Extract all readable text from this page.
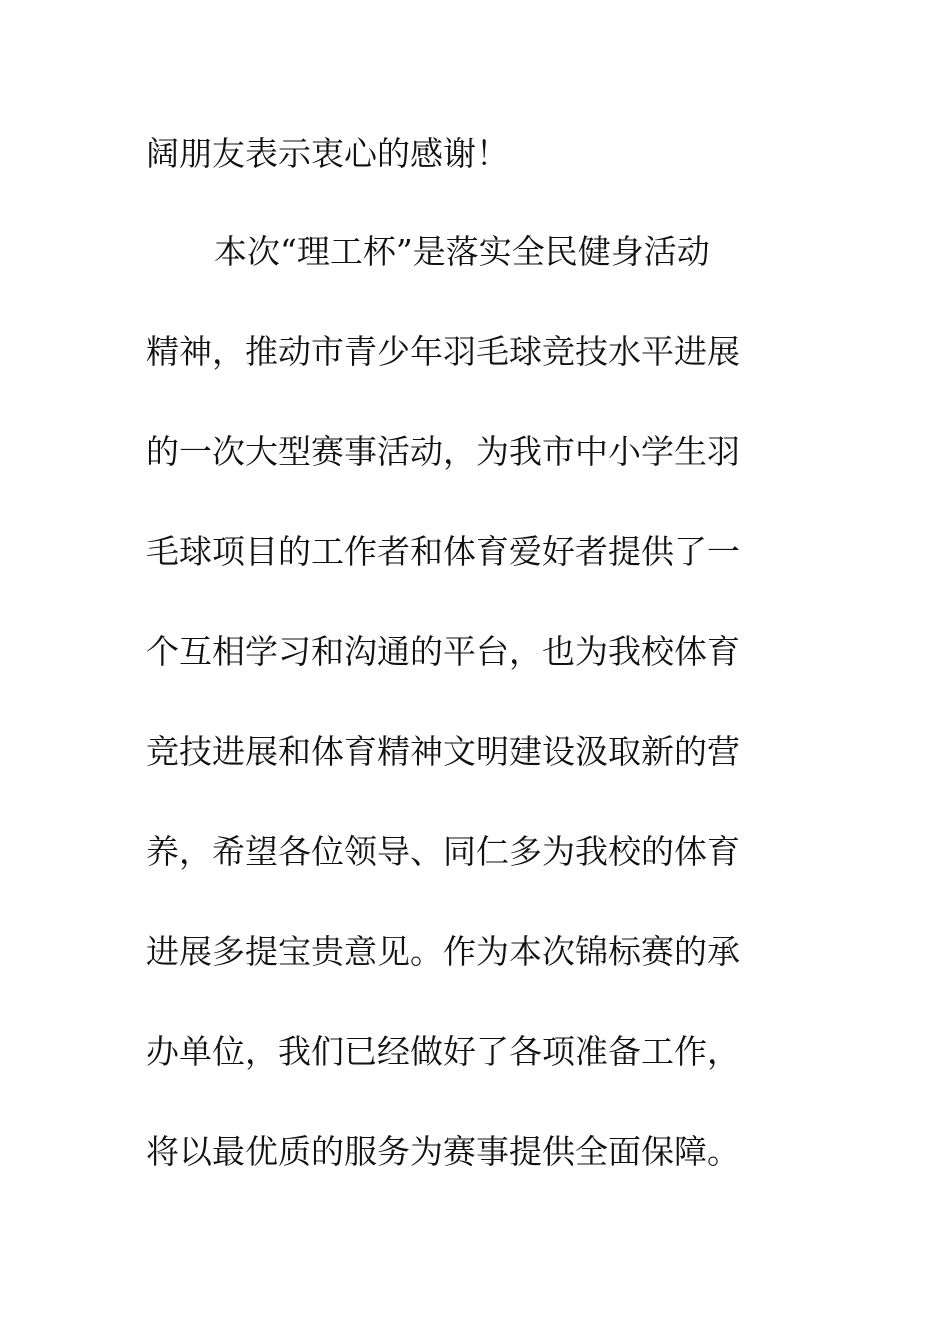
阔朋友表示衷心的感谢！
本次“理工杯”是落实全民健身活动
精神，推动市青少年羽毛球竞技水平进展
的一次大型赛事活动，为我市中小学生羽
毛球项目的工作者和体育爱好者提供了一
个互相学习和沟通的平台，也为我校体育
竞技进展和体育精神文明建设汲取新的营
养，希望各位领导、同仁多为我校的体育
进展多提宝贵意见。作为本次锦标赛的承
办单位，我们已经做好了各项准备工作，
将以最优质的服务为赛事提供全面保障。
